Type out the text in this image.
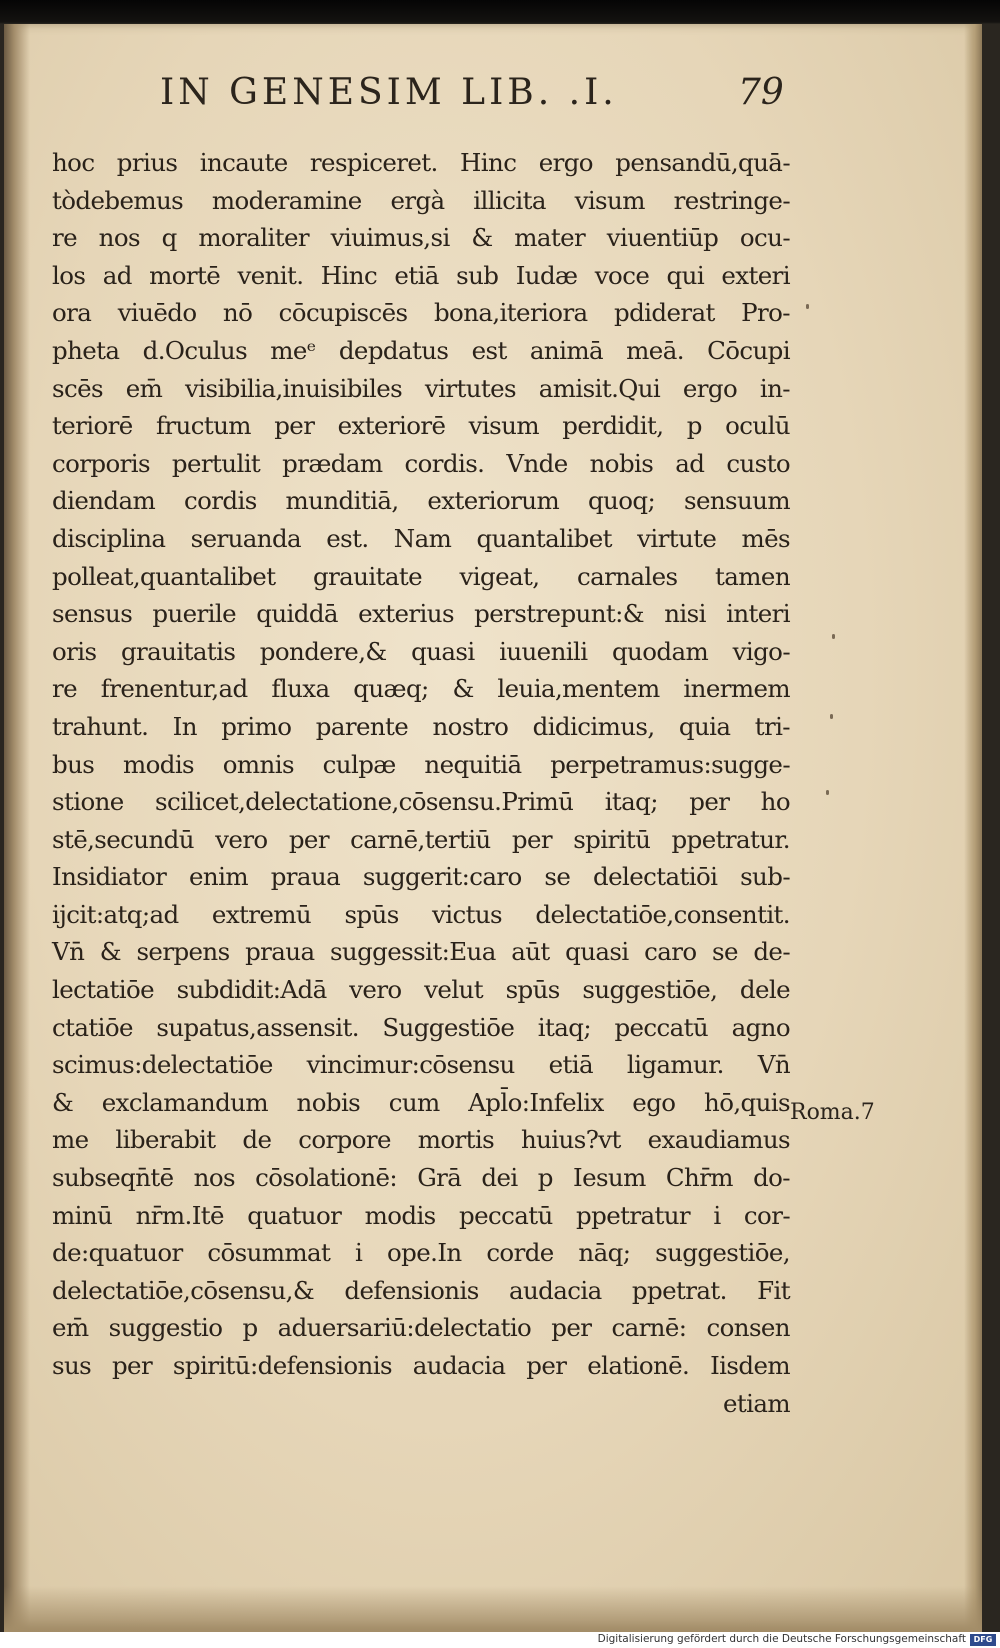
IN GENESIM LIB. .I.	79
hoc prius incaute respiceret. Hinc ergo pensandū,quā-
tòdebemus moderamine ergà illicita visum restringe-
re nos q moraliter viuimus,si & mater viuentiūp ocu-
los ad mortē venit. Hinc etiā sub Iudæ voce qui exteri
ora viuēdo nō cōcupiscēs bona,iteriora pdiderat Pro-
pheta d.Oculus meᵉ depdatus est animā meā. Cōcupi
scēs em̄ visibilia,inuisibiles virtutes amisit.Qui ergo in-
teriorē fructum per exteriorē visum perdidit, p oculū
corporis pertulit prædam cordis. Vnde nobis ad custo
diendam cordis munditiā, exteriorum quoq; sensuum
disciplina seruanda est. Nam quantalibet virtute mēs
polleat,quantalibet grauitate vigeat, carnales tamen
sensus puerile quiddā exterius perstrepunt:& nisi interi
oris grauitatis pondere,& quasi iuuenili quodam vigo-
re frenentur,ad fluxa quæq; & leuia,mentem inermem
trahunt. In primo parente nostro didicimus, quia tri-
bus modis omnis culpæ nequitiā perpetramus:sugge-
stione scilicet,delectatione,cōsensu.Primū itaq; per ho
stē,secundū vero per carnē,tertiū per spiritū ppetratur.
Insidiator enim praua suggerit:caro se delectatiōi sub-
ijcit:atq;ad extremū spūs victus delectatiōe,consentit.
Vn̄ & serpens praua suggessit:Eua aūt quasi caro se de-
lectatiōe subdidit:Adā vero velut spūs suggestiōe, dele
ctatiōe supatus,assensit. Suggestiōe itaq; peccatū agno
scimus:delectatiōe vincimur:cōsensu etiā ligamur. Vn̄
& exclamandum nobis cum Apl̄o:Infelix ego hō,quis
me liberabit de corpore mortis huius?vt exaudiamus
subseqn̄tē nos cōsolationē: Grā dei p Iesum Chr̄m do-
minū nr̄m.Itē quatuor modis peccatū ppetratur i cor-
de:quatuor cōsummat i ope.In corde nāq; suggestiōe,
delectatiōe,cōsensu,& defensionis audacia ppetrat. Fit
em̄ suggestio p aduersariū:delectatio per carnē: consen
sus per spiritū:defensionis audacia per elationē. Iisdem
etiam
Roma.7
Digitalisierung gefördert durch die Deutsche Forschungsgemeinschaft DFG
